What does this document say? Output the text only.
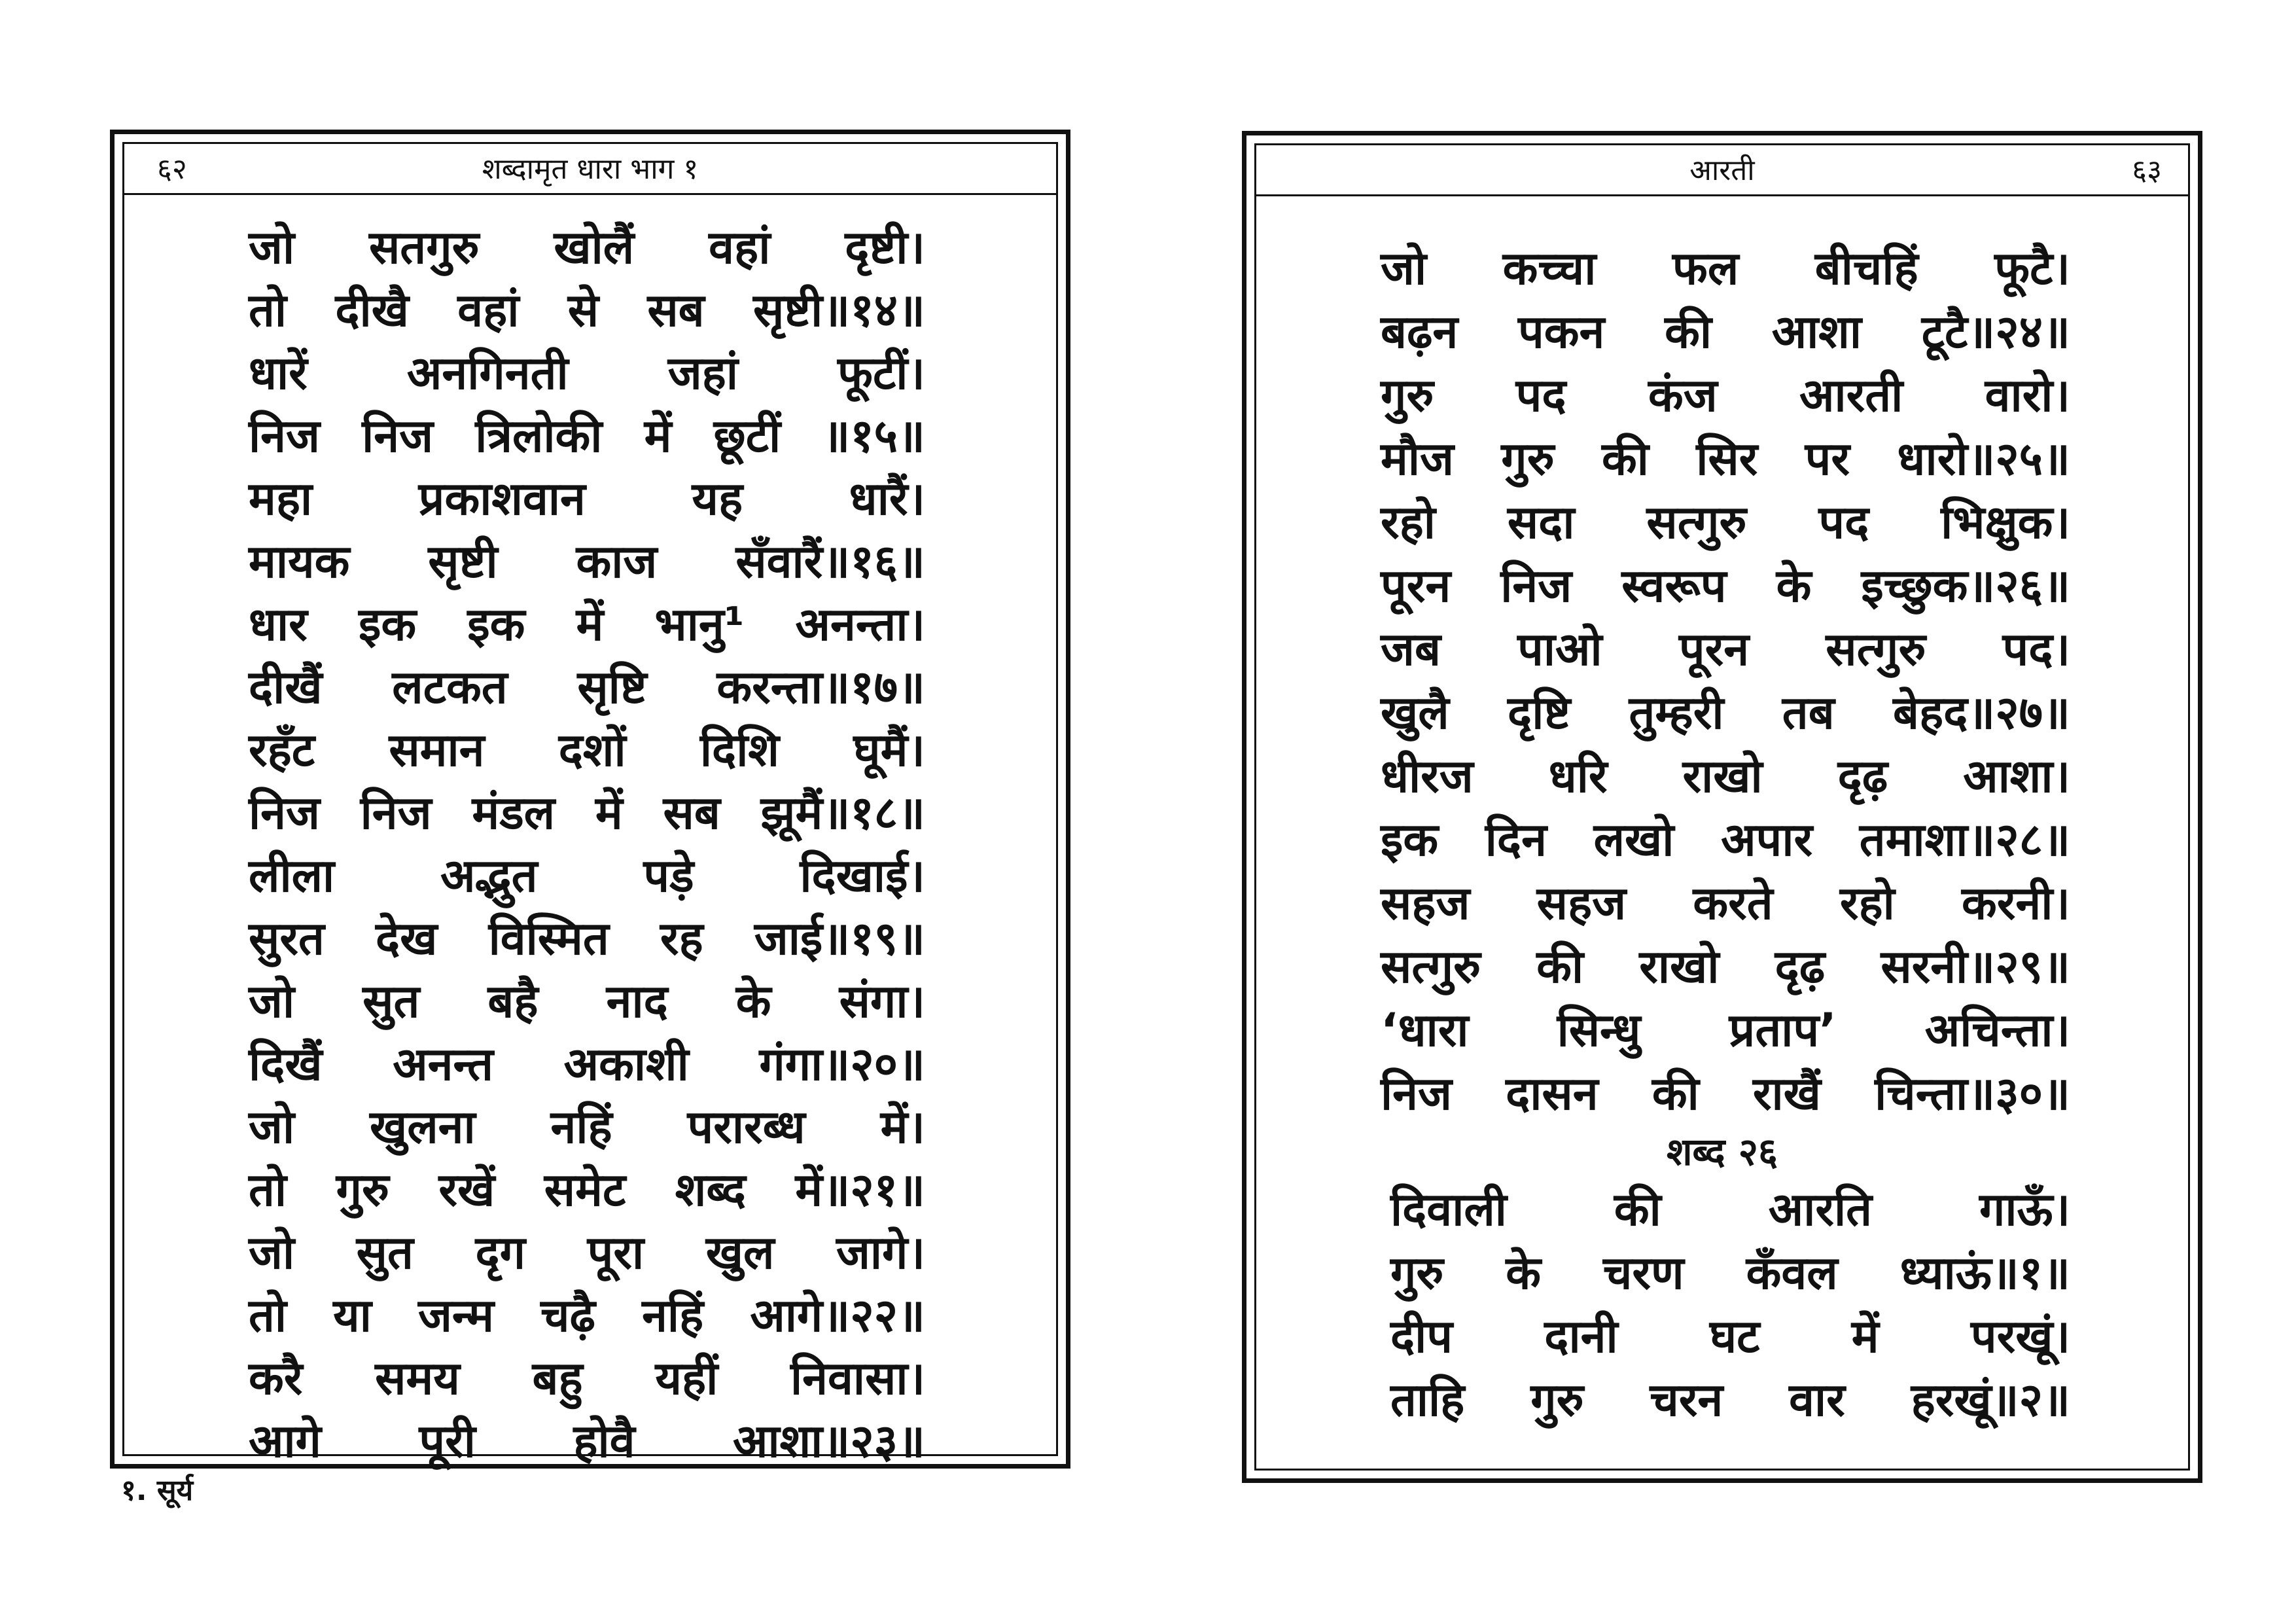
६२	शब्दामृत धारा भाग १
जो सतगुरु खोलैं वहां दृष्टी।
तो दीखै वहां से सब सृष्टी॥१४॥
धारें अनगिनती जहां फूटीं।
निज निज त्रिलोकी में छूटीं ॥१५॥
महा प्रकाशवान यह धारैं।
मायक सृष्टी काज सँवारैं॥१६॥
धार इक इक में भानु¹ अनन्ता।
दीखैं लटकत सृष्टि करन्ता॥१७॥
रहँट समान दशों दिशि घूमैं।
निज निज मंडल में सब झूमैं॥१८॥
लीला अद्भुत पड़े दिखाई।
सुरत देख विस्मित रह जाई॥१९॥
जो सुत बहै नाद के संगा।
दिखैं अनन्त अकाशी गंगा॥२०॥
जो खुलना नहिं परारब्ध में।
तो गुरु रखें समेट शब्द में॥२१॥
जो सुत दृग पूरा खुल जागे।
तो या जन्म चढ़ै नहिं आगे॥२२॥
करै समय बहु यहीं निवासा।
आगे पूरी होवै आशा॥२३॥
१. सूर्य
आरती	६३
जो कच्चा फल बीचहिं फूटै।
बढ़न पकन की आशा टूटै॥२४॥
गुरु पद कंज आरती वारो।
मौज गुरु की सिर पर धारो॥२५॥
रहो सदा सत्गुरु पद भिक्षुक।
पूरन निज स्वरूप के इच्छुक॥२६॥
जब पाओ पूरन सत्गुरु पद।
खुलै दृष्टि तुम्हरी तब बेहद॥२७॥
धीरज धरि राखो दृढ़ आशा।
इक दिन लखो अपार तमाशा॥२८॥
सहज सहज करते रहो करनी।
सत्गुरु की राखो दृढ़ सरनी॥२९॥
‘धारा सिन्धु प्रताप’ अचिन्ता।
निज दासन की राखैं चिन्ता॥३०॥
शब्द २६
दिवाली की आरति गाऊँ।
गुरु के चरण कँवल ध्याऊं॥१॥
दीप दानी घट में परखूं।
ताहि गुरु चरन वार हरखूं॥२॥
